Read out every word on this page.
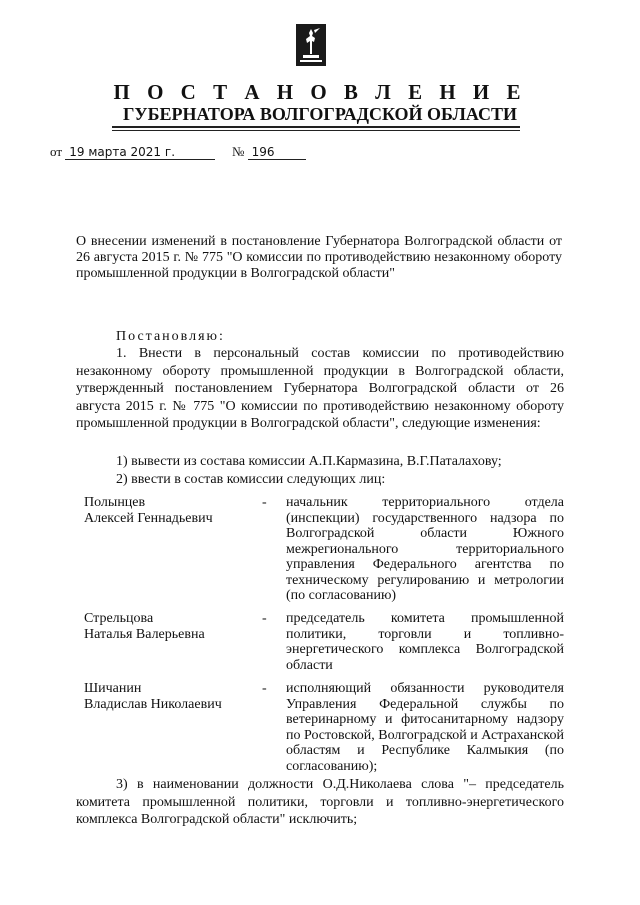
П О С Т А Н О В Л Е Н И Е
ГУБЕРНАТОРА ВОЛГОГРАДСКОЙ ОБЛАСТИ
от 19 марта 2021 г.	№ 196
О внесении изменений в постановление Губернатора Волгоградской области от 26 августа 2015 г. № 775 "О комиссии по противодействию незаконному обороту промышленной продукции в Волгоградской области"
Постановляю:
1. Внести в персональный состав комиссии по противодействию незаконному обороту промышленной продукции в Волгоградской области, утвержденный постановлением Губернатора Волгоградской области от 26 августа 2015 г. № 775 "О комиссии по противодействию незаконному обороту промышленной продукции в Волгоградской области", следующие изменения:
1) вывести из состава комиссии А.П.Кармазина, В.Г.Паталахову;
2) ввести в состав комиссии следующих лиц:
Полынцев
Алексей Геннадьевич
- начальник территориального отдела (инспекции) государственного надзора по Волгоградской области Южного межрегионального территориального управления Федерального агентства по техническому регулированию и метрологии (по согласованию)
Стрельцова
Наталья Валерьевна
- председатель комитета промышленной политики, торговли и топливно-энергетического комплекса Волгоградской области
Шичанин
Владислав Николаевич
- исполняющий обязанности руководителя Управления Федеральной службы по ветеринарному и фитосанитарному надзору по Ростовской, Волгоградской и Астраханской областям и Республике Калмыкия (по согласованию);
3) в наименовании должности О.Д.Николаева слова "– председатель комитета промышленной политики, торговли и топливно-энергетического комплекса Волгоградской области" исключить;
